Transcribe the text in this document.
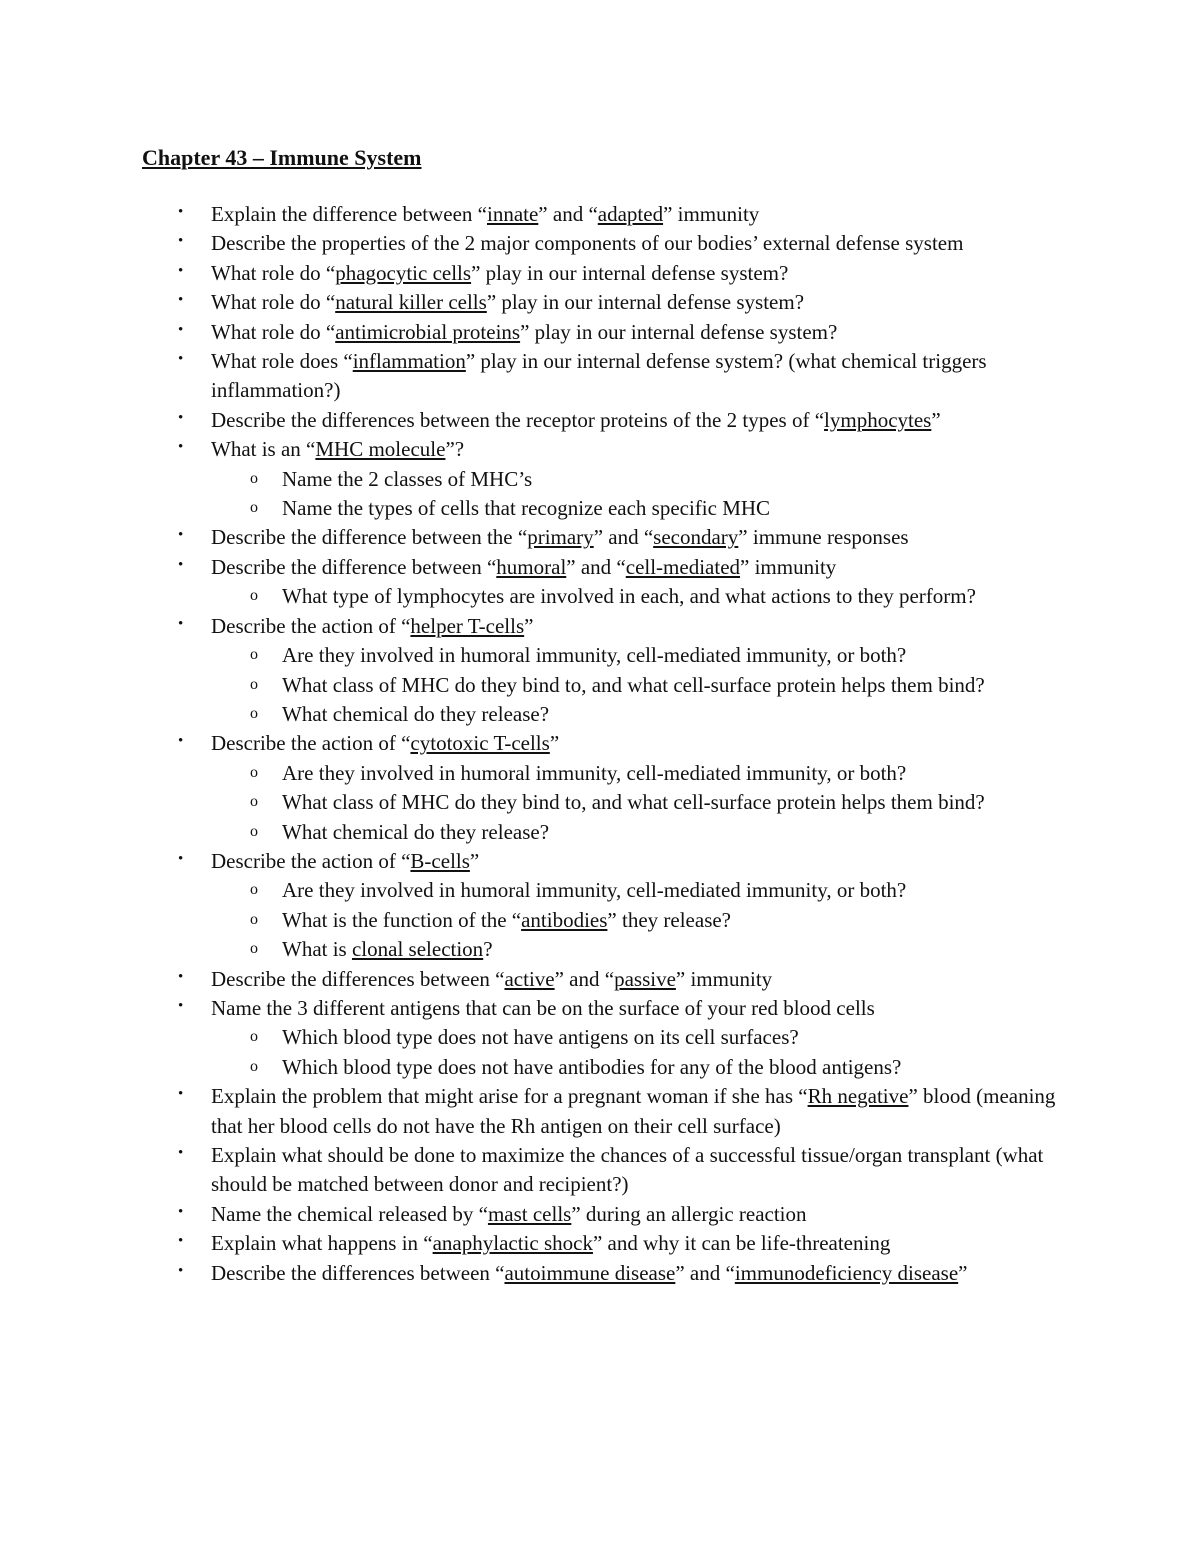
Chapter 43 – Immune System
• Explain the difference between “innate” and “adapted” immunity
• Describe the properties of the 2 major components of our bodies’ external defense system
• What role do “phagocytic cells” play in our internal defense system?
• What role do “natural killer cells” play in our internal defense system?
• What role do “antimicrobial proteins” play in our internal defense system?
• What role does “inflammation” play in our internal defense system? (what chemical triggers inflammation?)
• Describe the differences between the receptor proteins of the 2 types of “lymphocytes”
• What is an “MHC molecule”?
o Name the 2 classes of MHC’s
o Name the types of cells that recognize each specific MHC
• Describe the difference between the “primary” and “secondary” immune responses
• Describe the difference between “humoral” and “cell-mediated” immunity
o What type of lymphocytes are involved in each, and what actions to they perform?
• Describe the action of “helper T-cells”
o Are they involved in humoral immunity, cell-mediated immunity, or both?
o What class of MHC do they bind to, and what cell-surface protein helps them bind?
o What chemical do they release?
• Describe the action of “cytotoxic T-cells”
o Are they involved in humoral immunity, cell-mediated immunity, or both?
o What class of MHC do they bind to, and what cell-surface protein helps them bind?
o What chemical do they release?
• Describe the action of “B-cells”
o Are they involved in humoral immunity, cell-mediated immunity, or both?
o What is the function of the “antibodies” they release?
o What is clonal selection?
• Describe the differences between “active” and “passive” immunity
• Name the 3 different antigens that can be on the surface of your red blood cells
o Which blood type does not have antigens on its cell surfaces?
o Which blood type does not have antibodies for any of the blood antigens?
• Explain the problem that might arise for a pregnant woman if she has “Rh negative” blood (meaning that her blood cells do not have the Rh antigen on their cell surface)
• Explain what should be done to maximize the chances of a successful tissue/organ transplant (what should be matched between donor and recipient?)
• Name the chemical released by “mast cells” during an allergic reaction
• Explain what happens in “anaphylactic shock” and why it can be life-threatening
• Describe the differences between “autoimmune disease” and “immunodeficiency disease”
